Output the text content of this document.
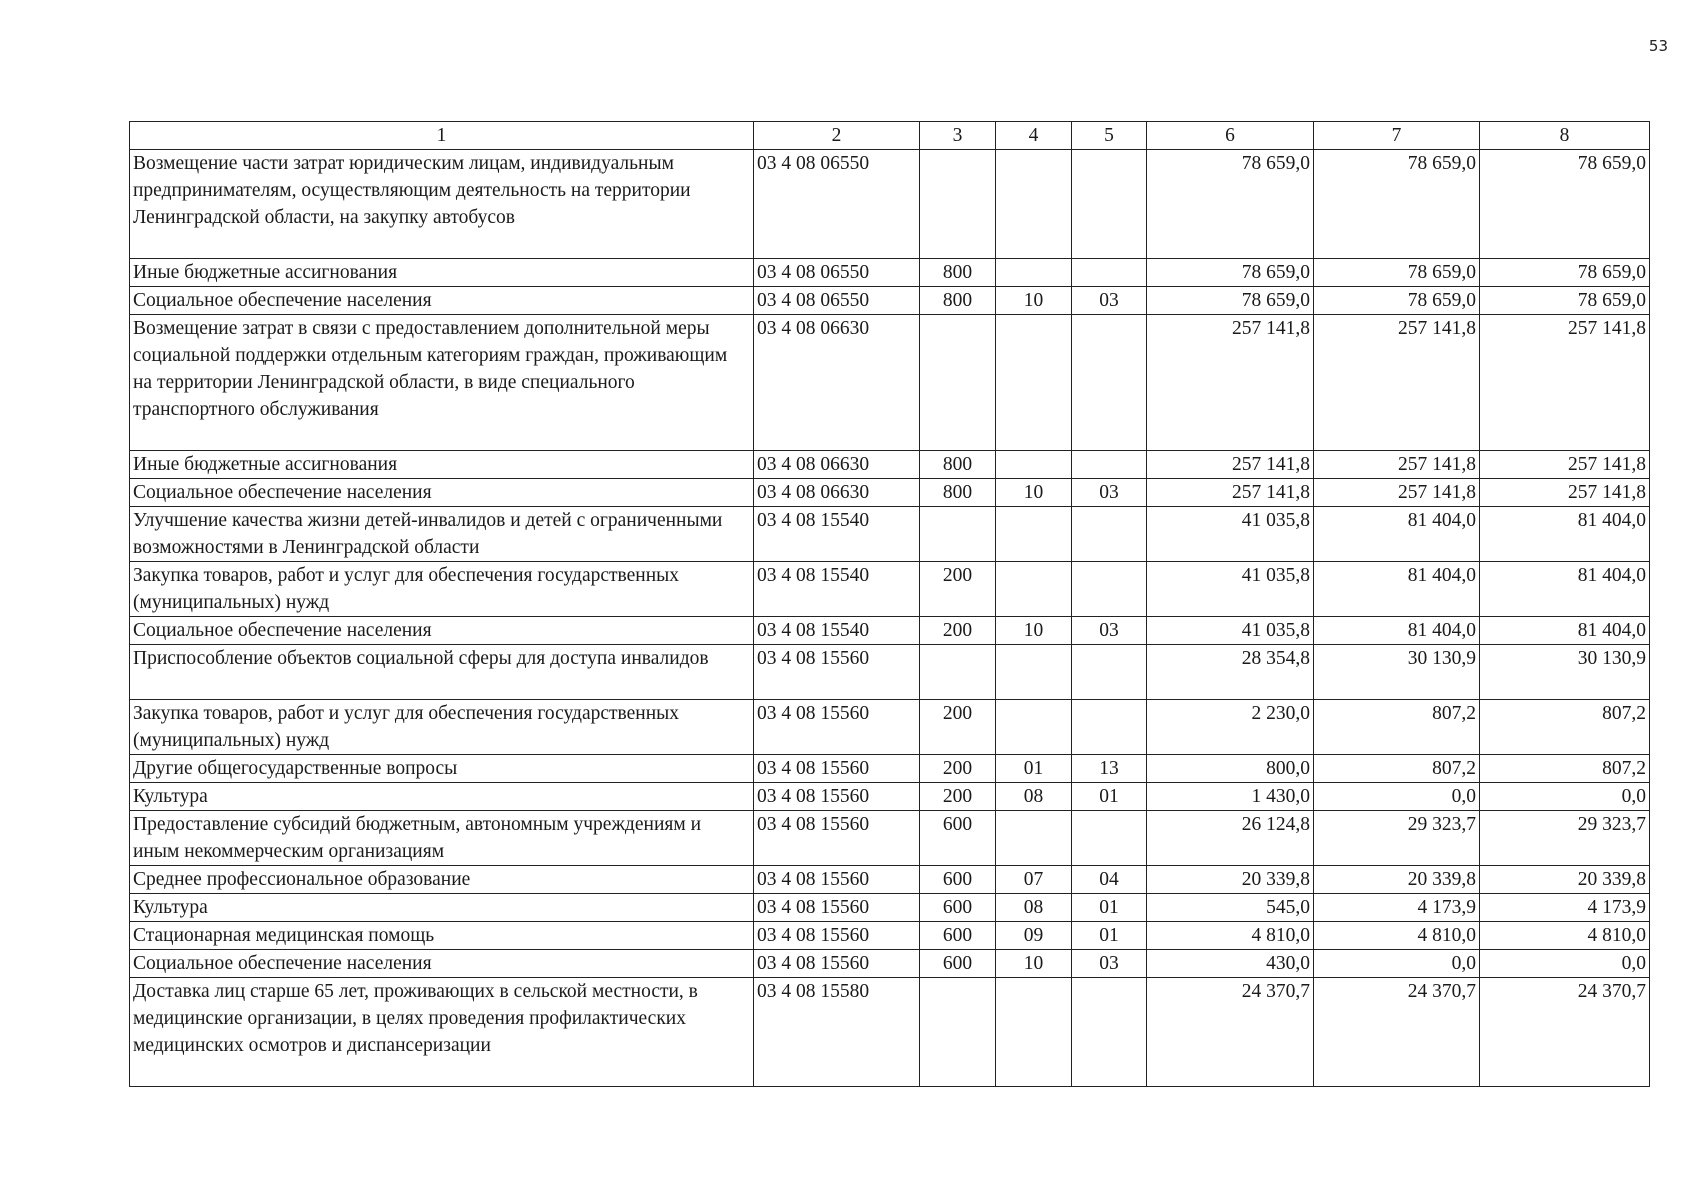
53
1	2	3	4	5	6	7	8
Возмещение части затрат юридическим лицам, индивидуальным предпринимателям, осуществляющим деятельность на территории Ленинградской области, на закупку автобусов	03 4 08 06550				78 659,0	78 659,0	78 659,0
Иные бюджетные ассигнования	03 4 08 06550	800			78 659,0	78 659,0	78 659,0
Социальное обеспечение населения	03 4 08 06550	800	10	03	78 659,0	78 659,0	78 659,0
Возмещение затрат в связи с предоставлением дополнительной меры социальной поддержки отдельным категориям граждан, проживающим на территории Ленинградской области, в виде специального транспортного обслуживания	03 4 08 06630				257 141,8	257 141,8	257 141,8
Иные бюджетные ассигнования	03 4 08 06630	800			257 141,8	257 141,8	257 141,8
Социальное обеспечение населения	03 4 08 06630	800	10	03	257 141,8	257 141,8	257 141,8
Улучшение качества жизни детей-инвалидов и детей с ограниченными возможностями в Ленинградской области	03 4 08 15540				41 035,8	81 404,0	81 404,0
Закупка товаров, работ и услуг для обеспечения государственных (муниципальных) нужд	03 4 08 15540	200			41 035,8	81 404,0	81 404,0
Социальное обеспечение населения	03 4 08 15540	200	10	03	41 035,8	81 404,0	81 404,0
Приспособление объектов социальной сферы для доступа инвалидов	03 4 08 15560				28 354,8	30 130,9	30 130,9
Закупка товаров, работ и услуг для обеспечения государственных (муниципальных) нужд	03 4 08 15560	200			2 230,0	807,2	807,2
Другие общегосударственные вопросы	03 4 08 15560	200	01	13	800,0	807,2	807,2
Культура	03 4 08 15560	200	08	01	1 430,0	0,0	0,0
Предоставление субсидий бюджетным, автономным учреждениям и иным некоммерческим организациям	03 4 08 15560	600			26 124,8	29 323,7	29 323,7
Среднее профессиональное образование	03 4 08 15560	600	07	04	20 339,8	20 339,8	20 339,8
Культура	03 4 08 15560	600	08	01	545,0	4 173,9	4 173,9
Стационарная медицинская помощь	03 4 08 15560	600	09	01	4 810,0	4 810,0	4 810,0
Социальное обеспечение населения	03 4 08 15560	600	10	03	430,0	0,0	0,0
Доставка лиц старше 65 лет, проживающих в сельской местности, в медицинские организации, в целях проведения профилактических медицинских осмотров и диспансеризации	03 4 08 15580				24 370,7	24 370,7	24 370,7
